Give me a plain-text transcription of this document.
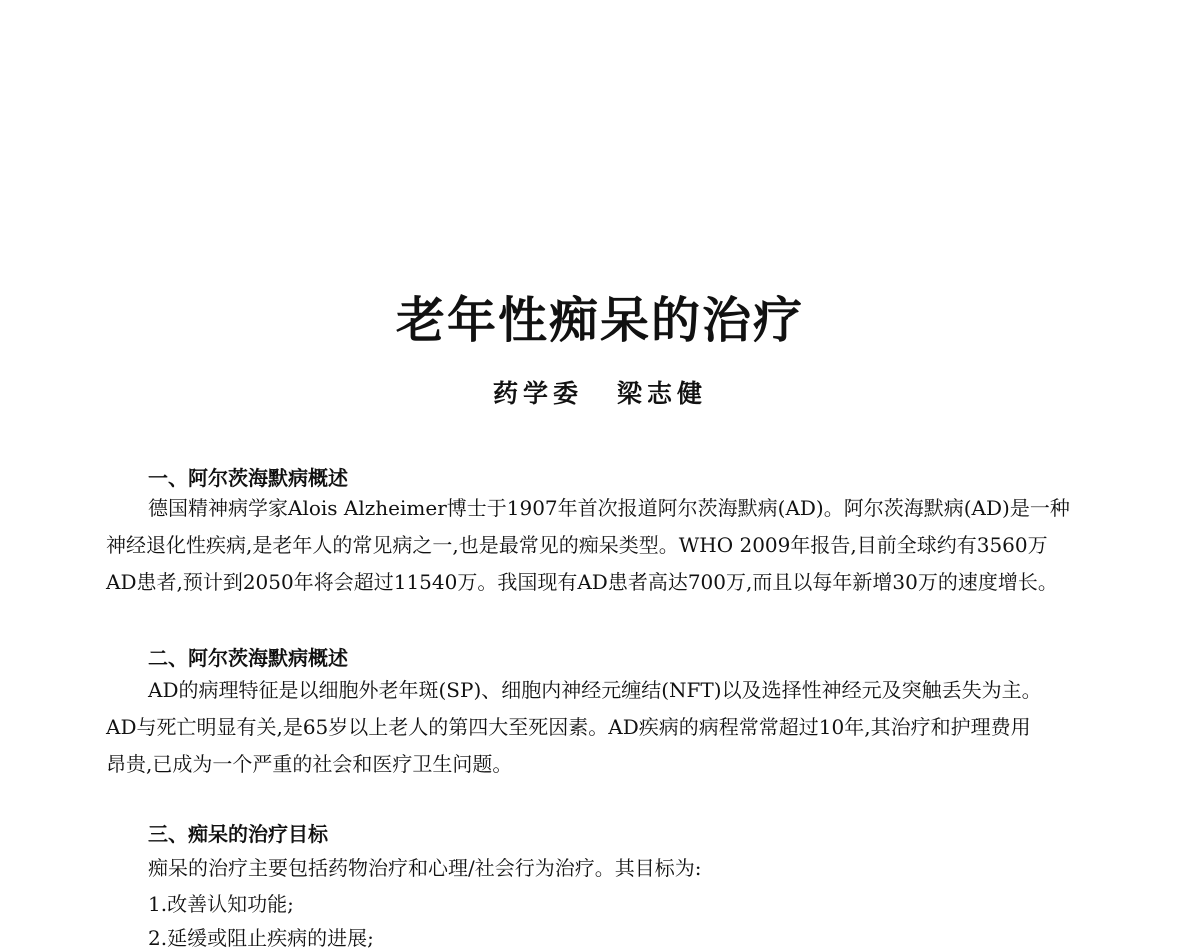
老年性痴呆的治疗
药学委 梁志健
一、阿尔茨海默病概述
德国精神病学家Alois Alzheimer博士于1907年首次报道阿尔茨海默病(AD)。阿尔茨海默病(AD)是一种
神经退化性疾病,是老年人的常见病之一,也是最常见的痴呆类型。WHO 2009年报告,目前全球约有3560万
AD患者,预计到2050年将会超过11540万。我国现有AD患者高达700万,而且以每年新增30万的速度增长。
二、阿尔茨海默病概述
AD的病理特征是以细胞外老年斑(SP)、细胞内神经元缠结(NFT)以及选择性神经元及突触丢失为主。
AD与死亡明显有关,是65岁以上老人的第四大至死因素。AD疾病的病程常常超过10年,其治疗和护理费用
昂贵,已成为一个严重的社会和医疗卫生问题。
三、痴呆的治疗目标
痴呆的治疗主要包括药物治疗和心理/社会行为治疗。其目标为:
1.改善认知功能;
2.延缓或阻止疾病的进展;
